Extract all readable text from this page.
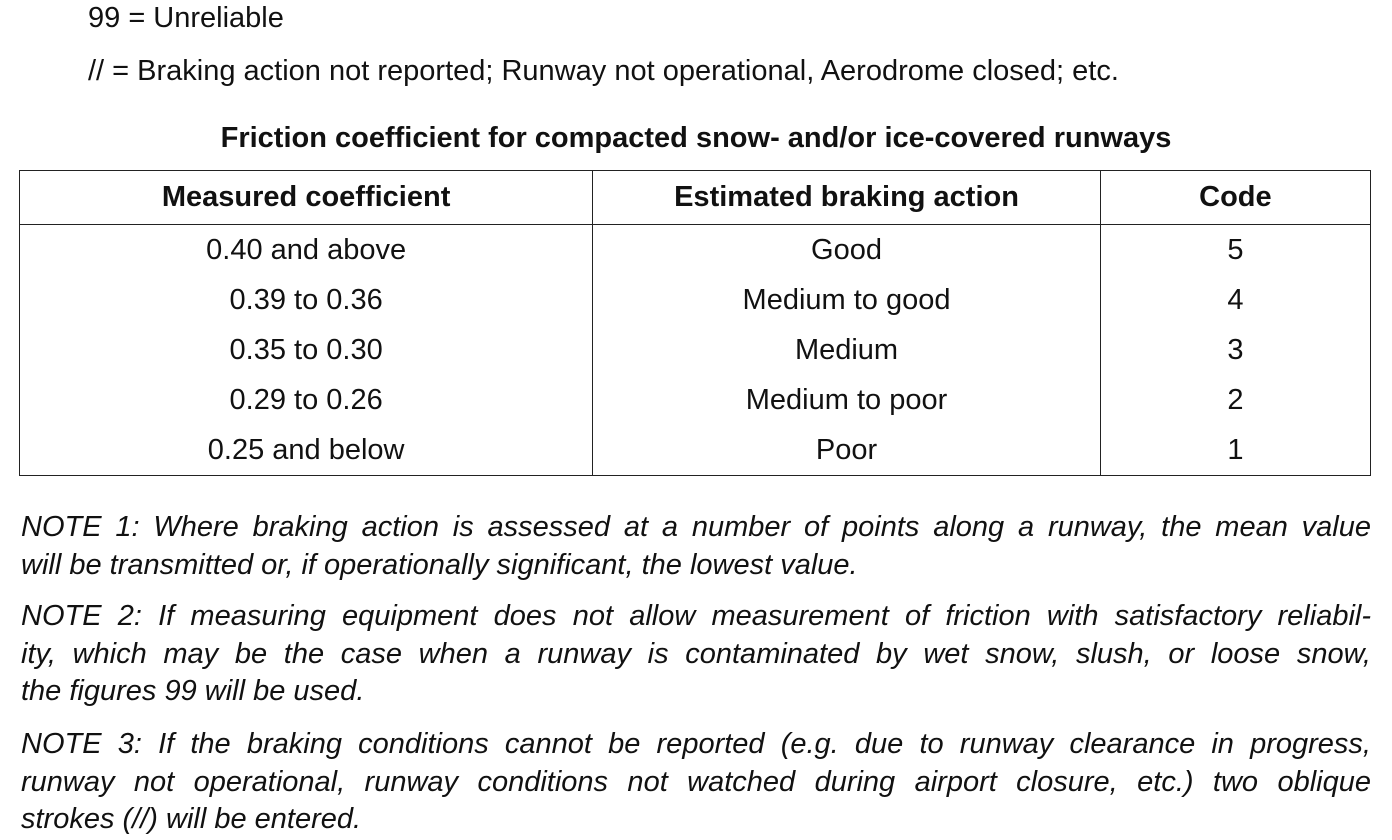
99 = Unreliable
// = Braking action not reported; Runway not operational, Aerodrome closed; etc.
Friction coefficient for compacted snow- and/or ice-covered runways
Measured coefficient	Estimated braking action	Code
0.40 and above	Good	5
0.39 to 0.36	Medium to good	4
0.35 to 0.30	Medium	3
0.29 to 0.26	Medium to poor	2
0.25 and below	Poor	1
NOTE 1: Where braking action is assessed at a number of points along a runway, the mean value
will be transmitted or, if operationally significant, the lowest value.
NOTE 2: If measuring equipment does not allow measurement of friction with satisfactory reliabil-
ity, which may be the case when a runway is contaminated by wet snow, slush, or loose snow,
the figures 99 will be used.
NOTE 3: If the braking conditions cannot be reported (e.g. due to runway clearance in progress,
runway not operational, runway conditions not watched during airport closure, etc.) two oblique
strokes (//) will be entered.
